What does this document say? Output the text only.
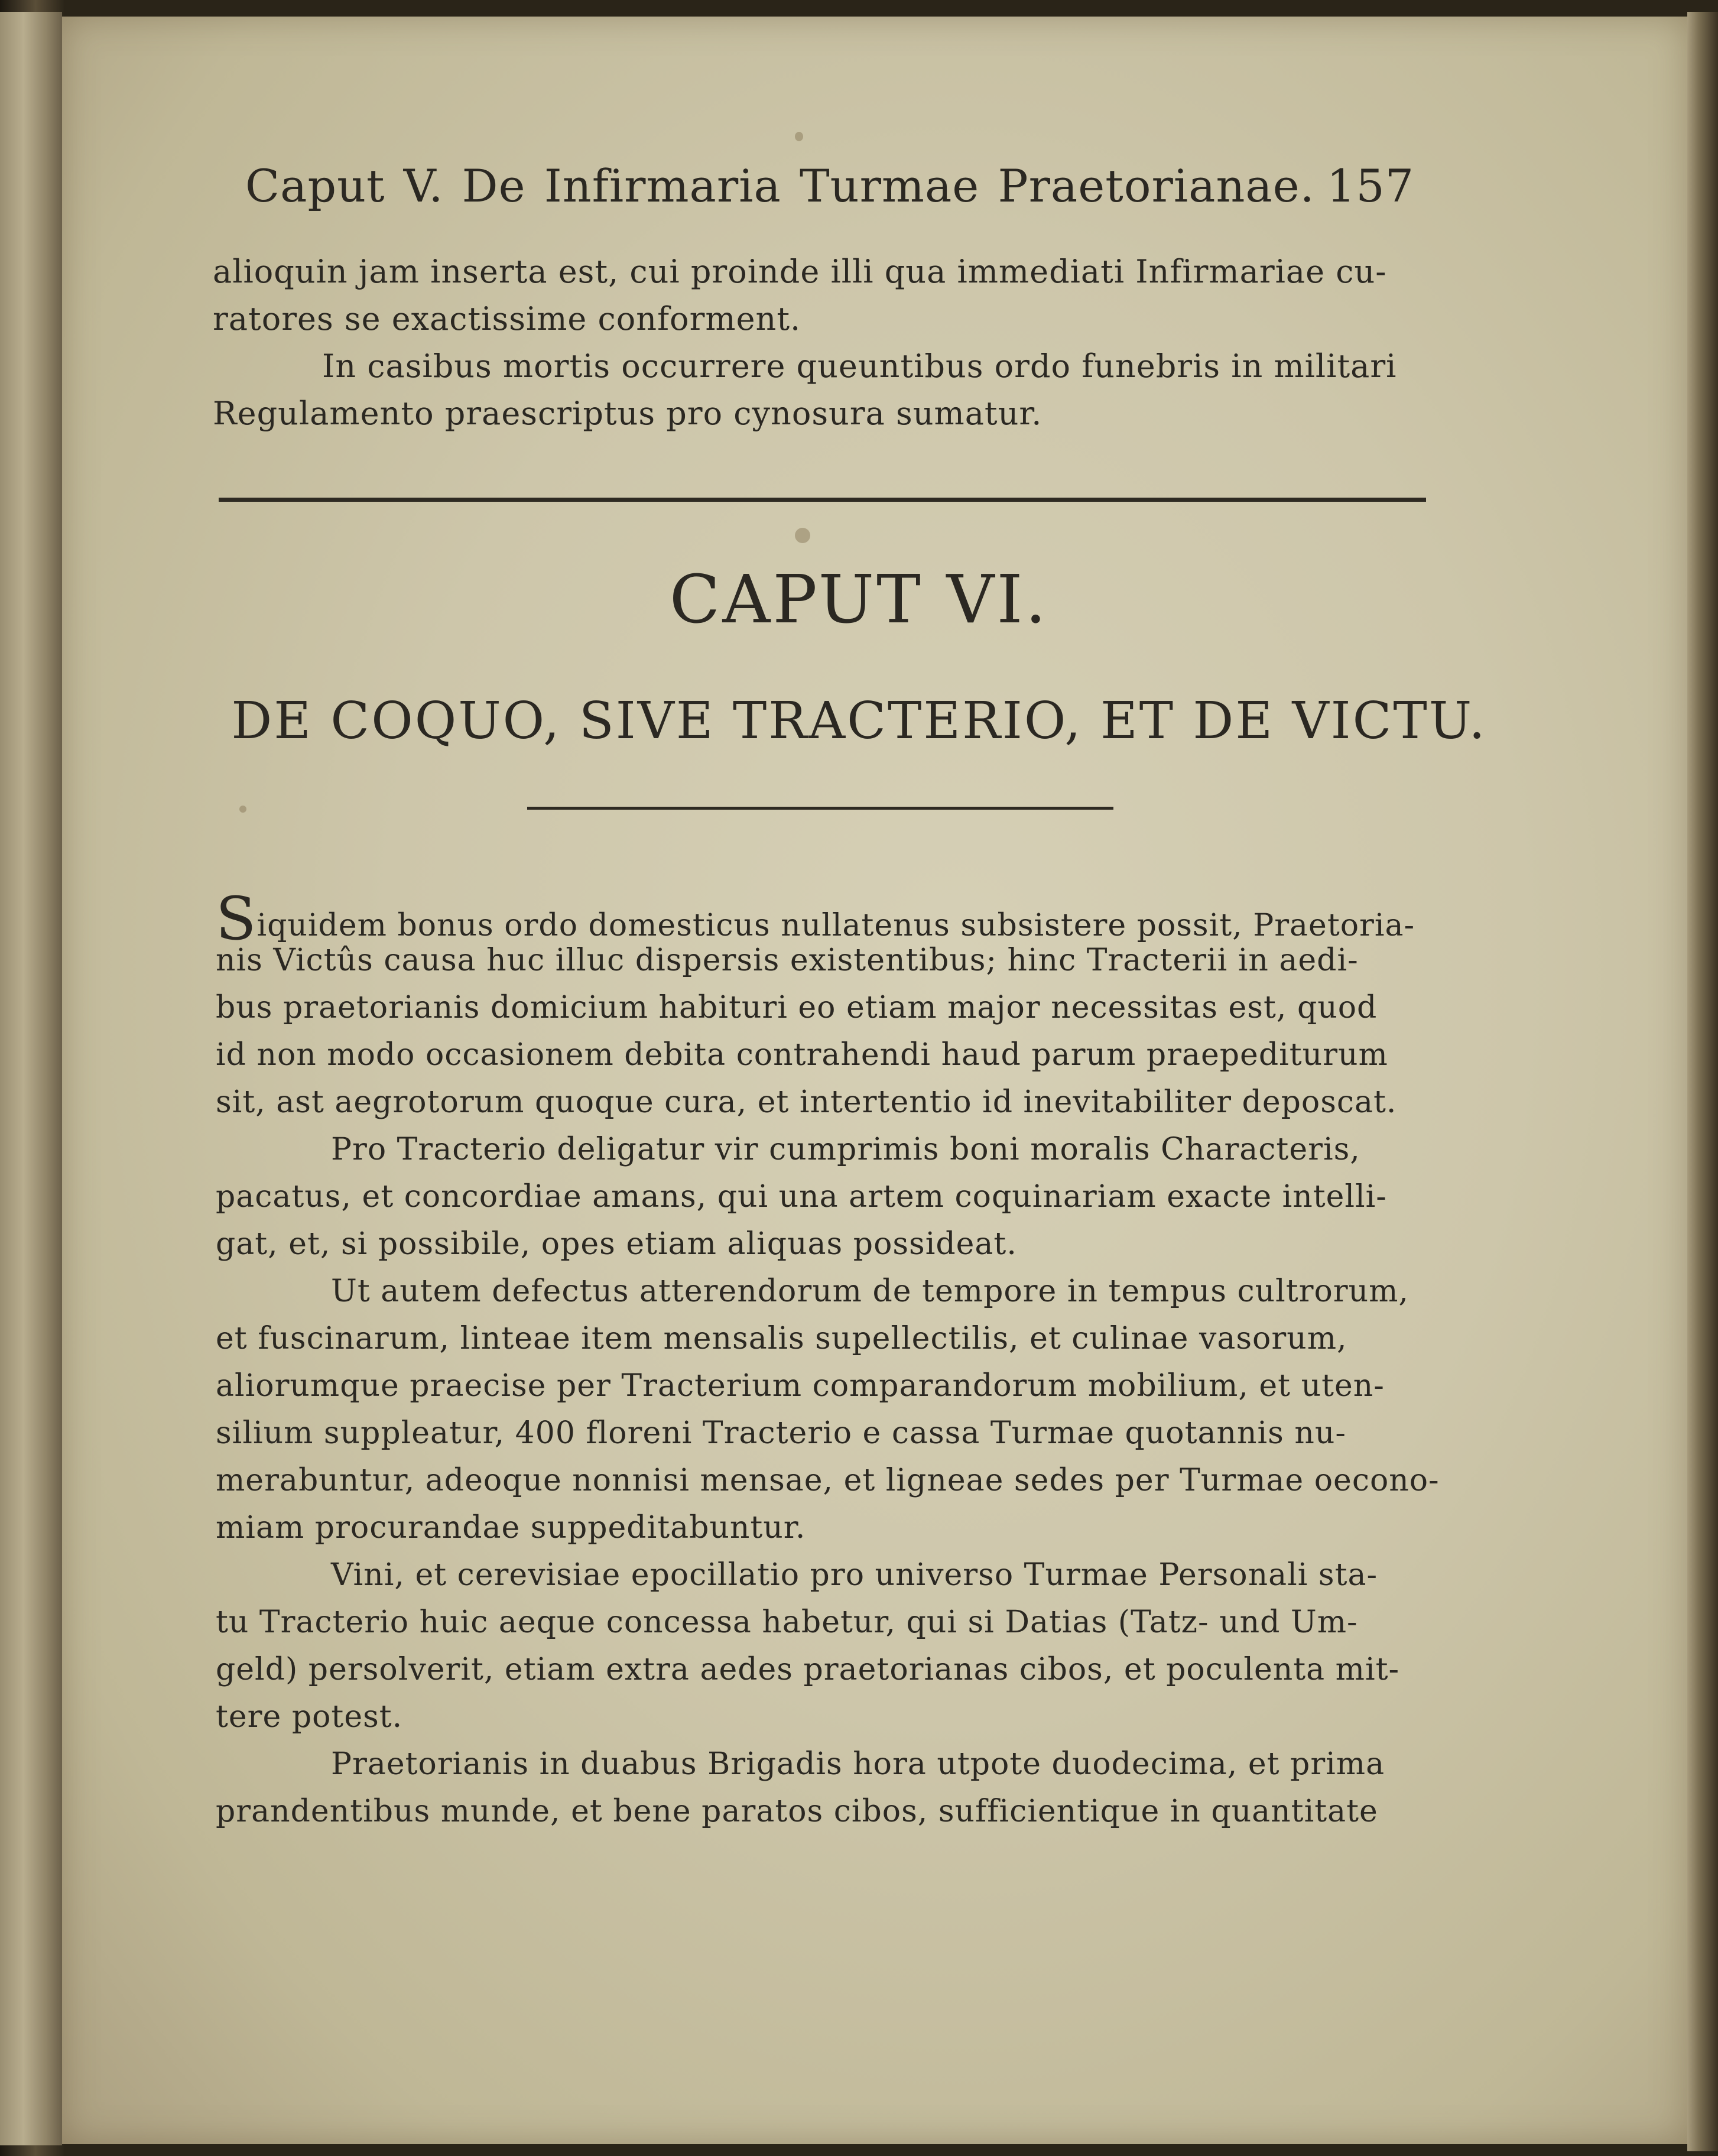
Caput V. De Infirmaria Turmae Praetorianae. 157
alioquin jam inserta est, cui proinde illi qua immediati Infirmariae cu-
ratores se exactissime conforment.
In casibus mortis occurrere queuntibus ordo funebris in militari
Regulamento praescriptus pro cynosura sumatur.
CAPUT VI.
DE COQUO, SIVE TRACTERIO, ET DE VICTU.
Siquidem bonus ordo domesticus nullatenus subsistere possit, Praetoria-
nis Victûs causa huc illuc dispersis existentibus; hinc Tracterii in aedi-
bus praetorianis domicium habituri eo etiam major necessitas est, quod
id non modo occasionem debita contrahendi haud parum praepediturum
sit, ast aegrotorum quoque cura, et intertentio id inevitabiliter deposcat.
Pro Tracterio deligatur vir cumprimis boni moralis Characteris,
pacatus, et concordiae amans, qui una artem coquinariam exacte intelli-
gat, et, si possibile, opes etiam aliquas possideat.
Ut autem defectus atterendorum de tempore in tempus cultrorum,
et fuscinarum, linteae item mensalis supellectilis, et culinae vasorum,
aliorumque praecise per Tracterium comparandorum mobilium, et uten-
silium suppleatur, 400 floreni Tracterio e cassa Turmae quotannis nu-
merabuntur, adeoque nonnisi mensae, et ligneae sedes per Turmae oecono-
miam procurandae suppeditabuntur.
Vini, et cerevisiae epocillatio pro universo Turmae Personali sta-
tu Tracterio huic aeque concessa habetur, qui si Datias (Tatz- und Um-
geld) persolverit, etiam extra aedes praetorianas cibos, et poculenta mit-
tere potest.
Praetorianis in duabus Brigadis hora utpote duodecima, et prima
prandentibus munde, et bene paratos cibos, sufficientique in quantitate
